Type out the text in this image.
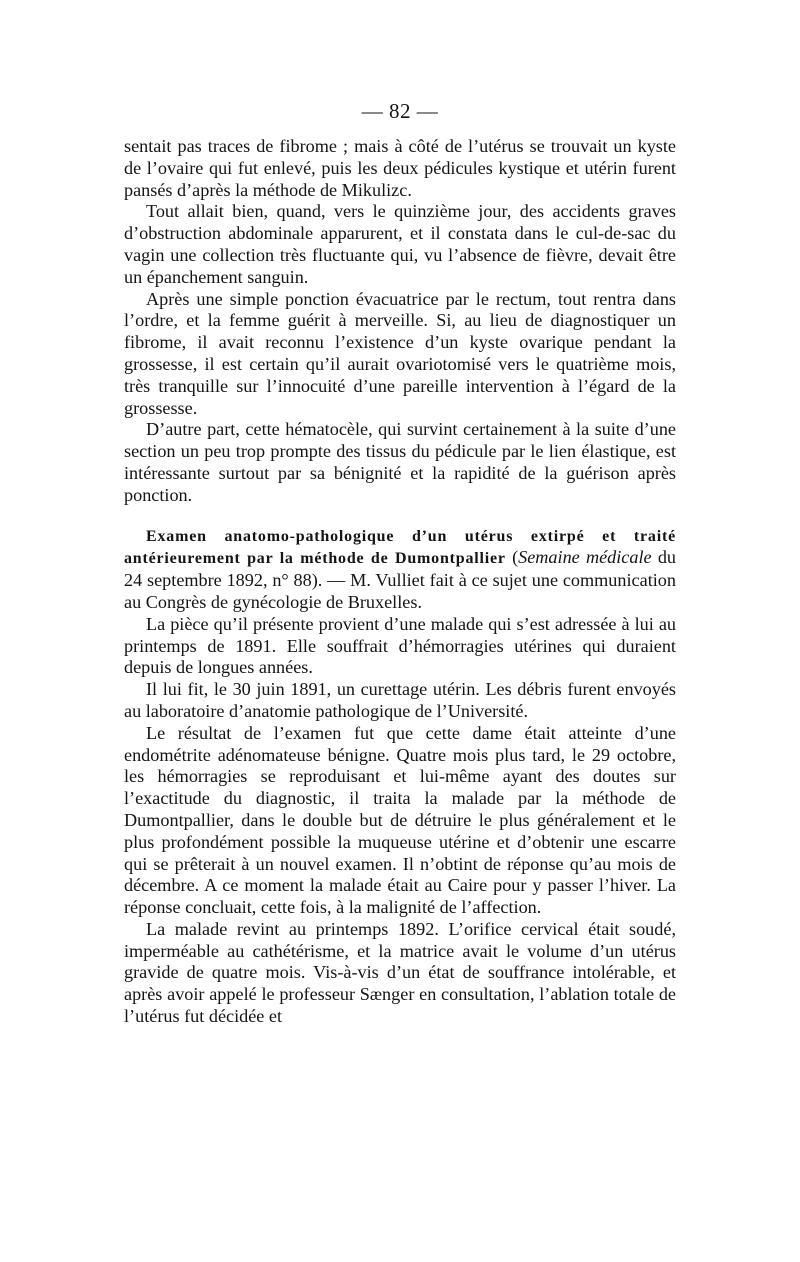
— 82 —

sentait pas traces de fibrome ; mais à côté de l’utérus se trouvait un kyste de l’ovaire qui fut enlevé, puis les deux pédicules kystique et utérin furent pansés d’après la méthode de Mikulizc.

Tout allait bien, quand, vers le quinzième jour, des accidents graves d’obstruction abdominale apparurent, et il constata dans le cul-de-sac du vagin une collection très fluctuante qui, vu l’absence de fièvre, devait être un épanchement sanguin.

Après une simple ponction évacuatrice par le rectum, tout rentra dans l’ordre, et la femme guérit à merveille. Si, au lieu de diagnostiquer un fibrome, il avait reconnu l’existence d’un kyste ovarique pendant la grossesse, il est certain qu’il aurait ovariotomisé vers le quatrième mois, très tranquille sur l’innocuité d’une pareille intervention à l’égard de la grossesse.

D’autre part, cette hématocèle, qui survint certainement à la suite d’une section un peu trop prompte des tissus du pédicule par le lien élastique, est intéressante surtout par sa bénignité et la rapidité de la guérison après ponction.

Examen anatomo-pathologique d’un utérus extirpé et traité antérieurement par la méthode de Dumontpallier (Semaine médicale du 24 septembre 1892, n° 88). — M. Vulliet fait à ce sujet une communication au Congrès de gynécologie de Bruxelles.

La pièce qu’il présente provient d’une malade qui s’est adressée à lui au printemps de 1891. Elle souffrait d’hémorragies utérines qui duraient depuis de longues années.

Il lui fit, le 30 juin 1891, un curettage utérin. Les débris furent envoyés au laboratoire d’anatomie pathologique de l’Université.

Le résultat de l’examen fut que cette dame était atteinte d’une endométrite adénomateuse bénigne. Quatre mois plus tard, le 29 octobre, les hémorragies se reproduisant et lui-même ayant des doutes sur l’exactitude du diagnostic, il traita la malade par la méthode de Dumontpallier, dans le double but de détruire le plus généralement et le plus profondément possible la muqueuse utérine et d’obtenir une escarre qui se prêterait à un nouvel examen. Il n’obtint de réponse qu’au mois de décembre. A ce moment la malade était au Caire pour y passer l’hiver. La réponse concluait, cette fois, à la malignité de l’affection.

La malade revint au printemps 1892. L’orifice cervical était soudé, imperméable au cathétérisme, et la matrice avait le volume d’un utérus gravide de quatre mois. Vis-à-vis d’un état de souffrance intolérable, et après avoir appelé le professeur Sænger en consultation, l’ablation totale de l’utérus fut décidée et
